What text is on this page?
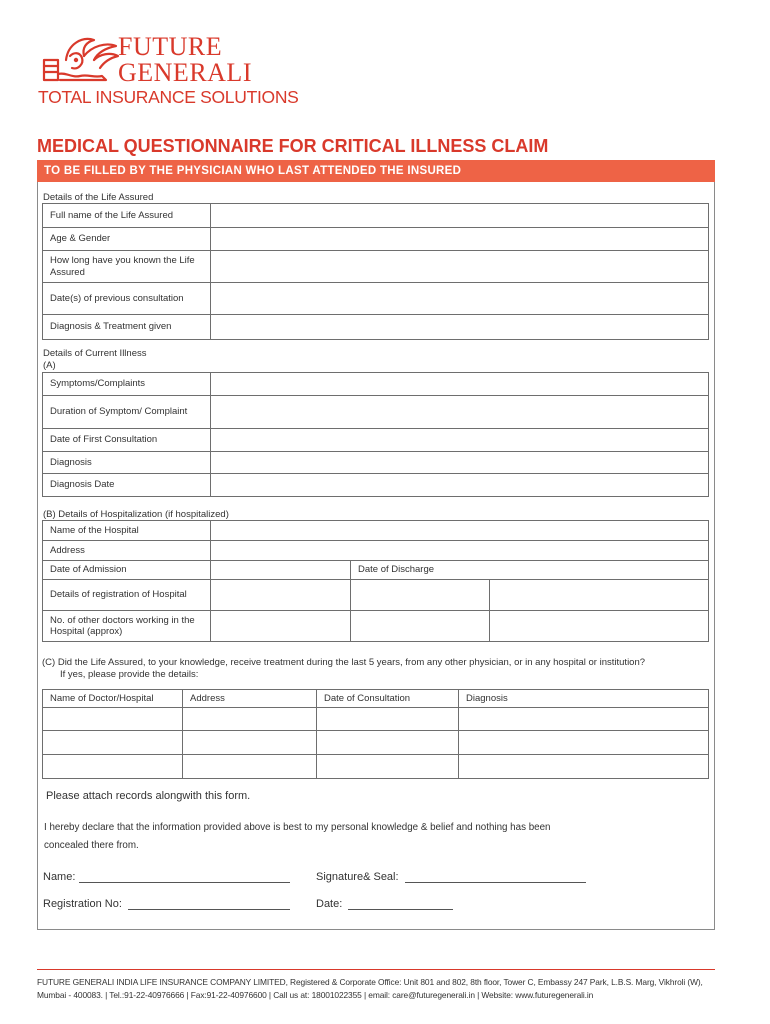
FUTURE
GENERALI
TOTAL INSURANCE SOLUTIONS
MEDICAL QUESTIONNAIRE FOR CRITICAL ILLNESS CLAIM
TO BE FILLED BY THE PHYSICIAN WHO LAST ATTENDED THE INSURED
Details of the Life Assured
Full name of the Life Assured	
Age & Gender	
How long have you known the Life Assured	
Date(s) of previous consultation	
Diagnosis & Treatment given	
Details of Current Illness
(A)
Symptoms/Complaints	
Duration of Symptom/ Complaint	
Date of First Consultation	
Diagnosis	
Diagnosis Date	
(B) Details of Hospitalization (if hospitalized)
Name of the Hospital			
Address			
Date of Admission		Date of Discharge	
Details of registration of Hospital			
No. of other doctors working in the Hospital (approx)			
(C) Did the Life Assured, to your knowledge, receive treatment during the last 5 years, from any other physician, or in any hospital or institution?
If yes, please provide the details:
Name of Doctor/Hospital	Address	Date of Consultation	Diagnosis

Please attach records alongwith this form.
I hereby declare that the information provided above is best to my personal knowledge & belief and nothing has been
concealed there from.
Name:	Signature& Seal:
Registration No:	Date:
FUTURE GENERALI INDIA LIFE INSURANCE COMPANY LIMITED, Registered & Corporate Office: Unit 801 and 802, 8th floor, Tower C, Embassy 247 Park, L.B.S. Marg, Vikhroli (W),
Mumbai - 400083. | Tel.:91-22-40976666 | Fax:91-22-40976600 | Call us at: 18001022355 | email: care@futuregenerali.in | Website: www.futuregenerali.in
